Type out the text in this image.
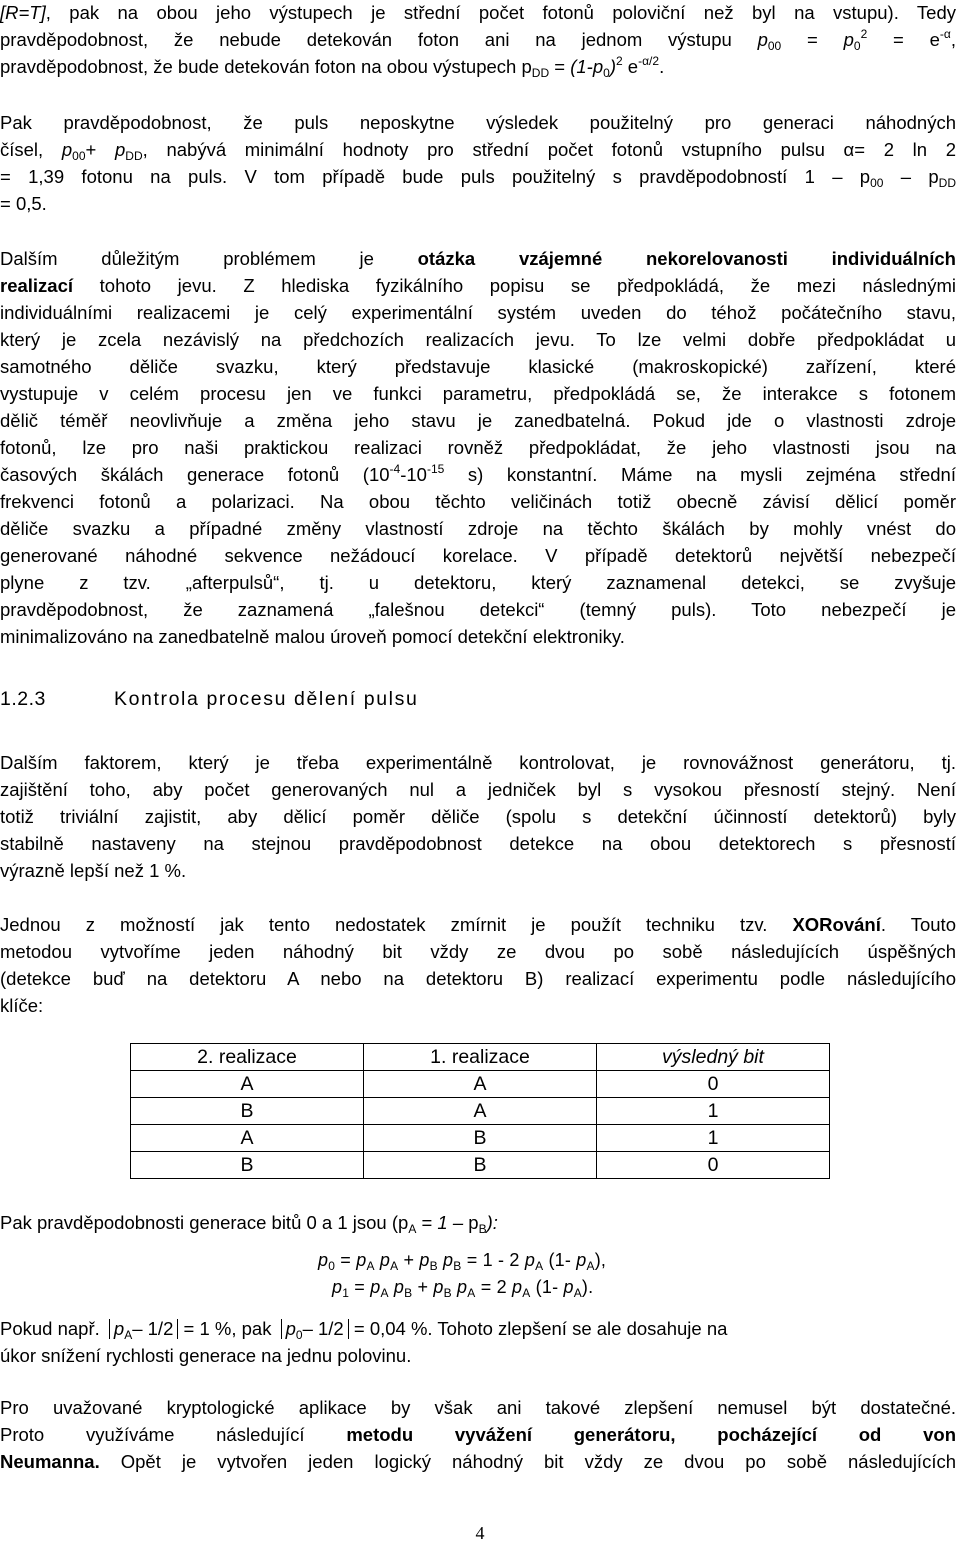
[R=T], pak na obou jeho výstupech je střední počet fotonů poloviční než byl na vstupu). Tedy
pravděpodobnost, že nebude detekován foton ani na jednom výstupu $p_{00} = p_0^2 = e^{-\alpha}$,
pravděpodobnost, že bude detekován foton na obou výstupech $p_{DD} = (1-p_0)^2$ $e^{-\alpha/2}$.
Pak pravděpodobnost, že puls neposkytne výsledek použitelný pro generaci náhodných
čísel, $p_{00}+ p_{DD}$, nabývá minimální hodnoty pro střední počet fotonů vstupního pulsu α= 2 ln 2
= 1,39 fotonu na puls. V tom případě bude puls použitelný s pravděpodobností $1 - p_{00} - p_{DD}$
= 0,5.
Dalším důležitým problémem je otázka vzájemné nekorelovanosti individuálních
realizací tohoto jevu. Z hlediska fyzikálního popisu se předpokládá, že mezi následnými
individuálními realizacemi je celý experimentální systém uveden do téhož počátečního stavu,
který je zcela nezávislý na předchozích realizacích jevu. To lze velmi dobře předpokládat u
samotného děliče svazku, který představuje klasické (makroskopické) zařízení, které
vystupuje v celém procesu jen ve funkci parametru, předpokládá se, že interakce s fotonem
dělič téměř neovlivňuje a změna jeho stavu je zanedbatelná. Pokud jde o vlastnosti zdroje
fotonů, lze pro naši praktickou realizaci rovněž předpokládat, že jeho vlastnosti jsou na
časových škálách generace fotonů ($10^{-4}-10^{-15}$ s) konstantní. Máme na mysli zejména střední
frekvenci fotonů a polarizaci. Na obou těchto veličinách totiž obecně závisí dělicí poměr
děliče svazku a případné změny vlastností zdroje na těchto škálách by mohly vnést do
generované náhodné sekvence nežádoucí korelace. V případě detektorů největší nebezpečí
plyne z tzv. „afterpulsů“, tj. u detektoru, který zaznamenal detekci, se zvyšuje
pravděpodobnost, že zaznamená „falešnou detekci“ (temný puls). Toto nebezpečí je
minimalizováno na zanedbatelně malou úroveň pomocí detekční elektroniky.
1.2.3	Kontrola procesu dělení pulsu
Dalším faktorem, který je třeba experimentálně kontrolovat, je rovnovážnost generátoru, tj.
zajištění toho, aby počet generovaných nul a jedniček byl s vysokou přesností stejný. Není
totiž triviální zajistit, aby dělicí poměr děliče (spolu s detekční účinností detektorů) byly
stabilně nastaveny na stejnou pravděpodobnost detekce na obou detektorech s přesností
výrazně lepší než 1 %.
Jednou z možností jak tento nedostatek zmírnit je použít techniku tzv. XORování. Touto
metodou vytvoříme jeden náhodný bit vždy ze dvou po sobě následujících úspěšných
(detekce buď na detektoru A nebo na detektoru B) realizací experimentu podle následujícího
klíče:
2. realizace	1. realizace	výsledný bit
A	A	0
B	A	1
A	B	1
B	B	0
Pak pravděpodobnosti generace bitů 0 a 1 jsou $(p_A = 1 - p_B)$:
$p_0 = p_A$ $p_A + p_B$ $p_B = 1 - 2$ $p_A$ (1- $p_A$),
$p_1 = p_A$ $p_B + p_B$ $p_A = 2$ $p_A$ (1- $p_A$).
Pokud např. $p_A-$ 1/2 = 1 %, pak $p_0-$ 1/2 = 0,04 %. Tohoto zlepšení se ale dosahuje na
úkor snížení rychlosti generace na jednu polovinu.
Pro uvažované kryptologické aplikace by však ani takové zlepšení nemusel být dostatečné.
Proto využíváme následující metodu vyvážení generátoru, pocházející od von
Neumanna. Opět je vytvořen jeden logický náhodný bit vždy ze dvou po sobě následujících
4
